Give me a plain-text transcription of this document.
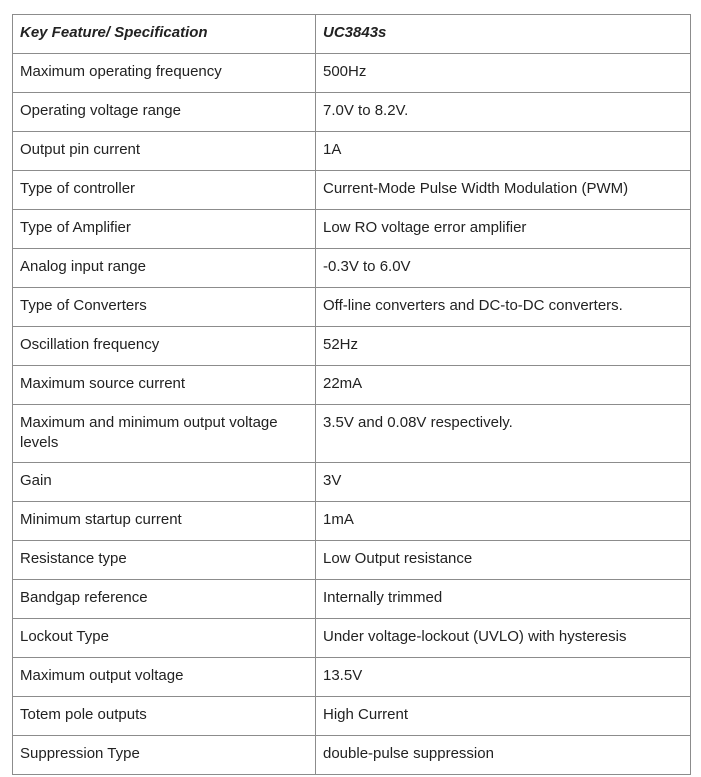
Key Feature/ Specification	UC3843s
Maximum operating frequency	500Hz
Operating voltage range	7.0V to 8.2V.
Output pin current	1A
Type of controller	Current-Mode Pulse Width Modulation (PWM)
Type of Amplifier	Low RO voltage error amplifier
Analog input range	-0.3V to 6.0V
Type of Converters	Off-line converters and DC-to-DC converters.
Oscillation frequency	52Hz
Maximum source current	22mA
Maximum and minimum output voltage levels	3.5V and 0.08V respectively.
Gain	3V
Minimum startup current	1mA
Resistance type	Low Output resistance
Bandgap reference	Internally trimmed
Lockout Type	Under voltage-lockout (UVLO) with hysteresis
Maximum output voltage	13.5V
Totem pole outputs	High Current
Suppression Type	double-pulse suppression
